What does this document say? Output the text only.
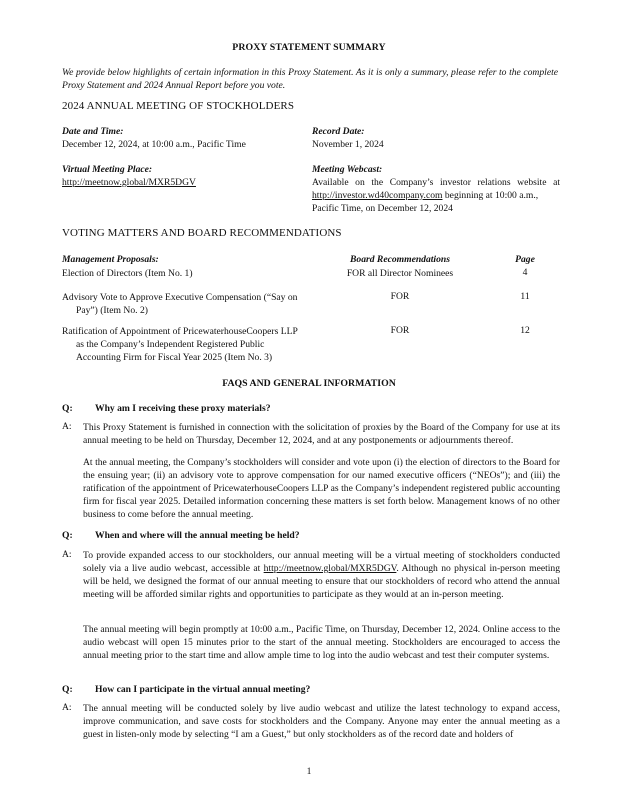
PROXY STATEMENT SUMMARY
We provide below highlights of certain information in this Proxy Statement. As it is only a summary, please refer to the complete Proxy Statement and 2024 Annual Report before you vote.
2024 ANNUAL MEETING OF STOCKHOLDERS
Date and Time:
December 12, 2024, at 10:00 a.m., Pacific Time
Record Date:
November 1, 2024
Virtual Meeting Place:
http://meetnow.global/MXR5DGV
Meeting Webcast:
Available on the Company’s investor relations website at
http://investor.wd40company.com beginning at 10:00 a.m.,
Pacific Time, on December 12, 2024
VOTING MATTERS AND BOARD RECOMMENDATIONS
Management Proposals:	Board Recommendations	Page
Election of Directors (Item No. 1)	FOR all Director Nominees	4
Advisory Vote to Approve Executive Compensation (“Say on
Pay”) (Item No. 2)
FOR	11
Ratification of Appointment of PricewaterhouseCoopers LLP
as the Company’s Independent Registered Public
Accounting Firm for Fiscal Year 2025 (Item No. 3)
FOR	12
FAQS AND GENERAL INFORMATION
Q: Why am I receiving these proxy materials?
A: This Proxy Statement is furnished in connection with the solicitation of proxies by the Board of the Company for use at its annual meeting to be held on Thursday, December 12, 2024, and at any postponements or adjournments thereof.
At the annual meeting, the Company’s stockholders will consider and vote upon (i) the election of directors to the Board for the ensuing year; (ii) an advisory vote to approve compensation for our named executive officers (“NEOs”); and (iii) the ratification of the appointment of PricewaterhouseCoopers LLP as the Company’s independent registered public accounting firm for fiscal year 2025. Detailed information concerning these matters is set forth below. Management knows of no other business to come before the annual meeting.
Q: When and where will the annual meeting be held?
A: To provide expanded access to our stockholders, our annual meeting will be a virtual meeting of stockholders conducted solely via a live audio webcast, accessible at http://meetnow.global/MXR5DGV. Although no physical in-person meeting will be held, we designed the format of our annual meeting to ensure that our stockholders of record who attend the annual meeting will be afforded similar rights and opportunities to participate as they would at an in-person meeting.
The annual meeting will begin promptly at 10:00 a.m., Pacific Time, on Thursday, December 12, 2024. Online access to the audio webcast will open 15 minutes prior to the start of the annual meeting. Stockholders are encouraged to access the annual meeting prior to the start time and allow ample time to log into the audio webcast and test their computer systems.
Q: How can I participate in the virtual annual meeting?
A: The annual meeting will be conducted solely by live audio webcast and utilize the latest technology to expand access, improve communication, and save costs for stockholders and the Company. Anyone may enter the annual meeting as a guest in listen-only mode by selecting “I am a Guest,” but only stockholders as of the record date and holders of
1
